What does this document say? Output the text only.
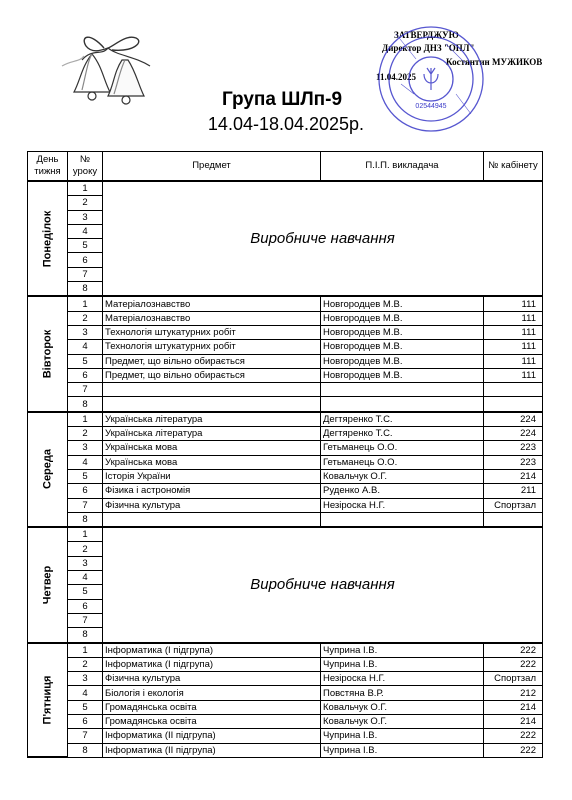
ЗАТВЕРДЖУЮ
Директор ДНЗ "ОПЛ"
Костянтин МУЖИКОВ
11.04.2025
02544945
Група ШЛп-9
14.04-18.04.2025р.
День тижня	№ уроку	Предмет	П.І.П. викладача	№ кабінету

Понеділок	1	Виробниче навчання		
	2			
	3			
	4			
	5			
	6			
	7			
	8			

Вівторок	1	Матеріалознавство	Новгородцев М.В.	111
	2	Матеріалознавство	Новгородцев М.В.	111
	3	Технологія штукатурних робіт	Новгородцев М.В.	111
	4	Технологія штукатурних робіт	Новгородцев М.В.	111
	5	Предмет, що вільно обирається	Новгородцев М.В.	111
	6	Предмет, що вільно обирається	Новгородцев М.В.	111
	7			
	8			

Середа	1	Українська література	Дегтяренко Т.С.	224
	2	Українська література	Дегтяренко Т.С.	224
	3	Українська мова	Гетьманець О.О.	223
	4	Українська мова	Гетьманець О.О.	223
	5	Історія України	Ковальчук О.Г.	214
	6	Фізика і астрономія	Руденко А.В.	211
	7	Фізична культура	Незіроска Н.Г.	Спортзал
	8			

Четвер	1	Виробниче навчання		
	2			
	3			
	4			
	5			
	6			
	7			
	8			

П'ятниця	1	Інформатика (І підгрупа)	Чуприна І.В.	222
	2	Інформатика (І підгрупа)	Чуприна І.В.	222
	3	Фізична культура	Незіроска Н.Г.	Спортзал
	4	Біологія і екологія	Повстяна В.Р.	212
	5	Громадянська освіта	Ковальчук О.Г.	214
	6	Громадянська освіта	Ковальчук О.Г.	214
	7	Інформатика (ІІ підгрупа)	Чуприна І.В.	222
	8	Інформатика (ІІ підгрупа)	Чуприна І.В.	222
